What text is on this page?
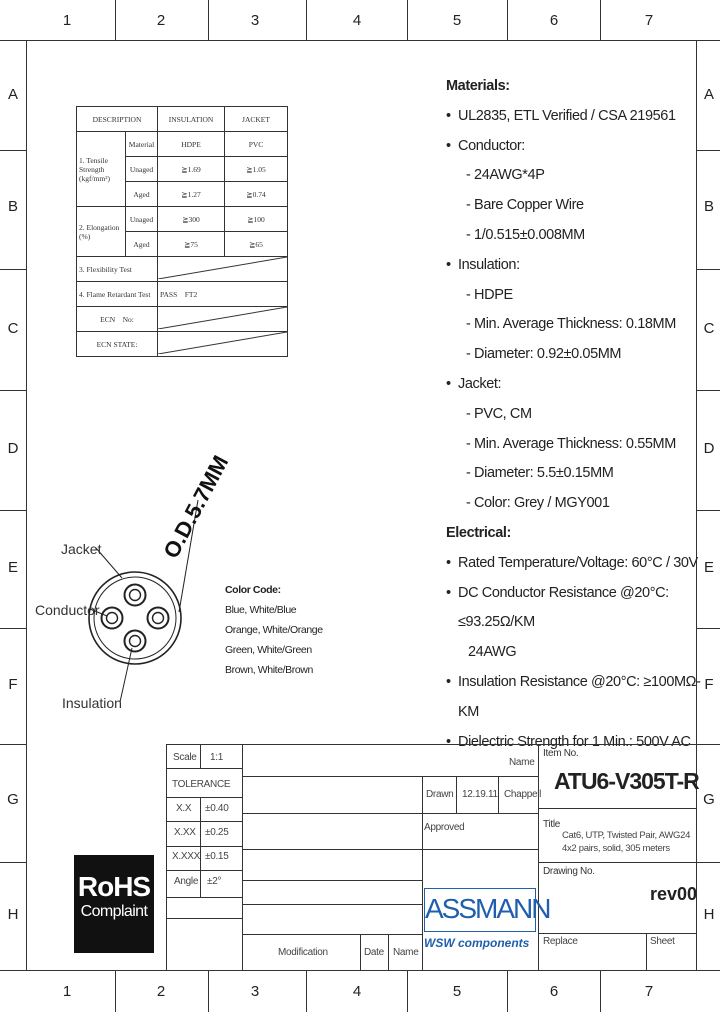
1	2	3	4	5	6	7
1	2	3	4	5	6	7
A
B
C
D
E
F
G
H
A
B
C
D
E
F
G
H
DESCRIPTION		INSULATION	JACKET
1. Tensile Strength (kgf/mm²)	Material	HDPE	PVC
	Unaged	≧1.69	≧1.05
	Aged	≧1.27	≧0.74
2. Elongation (%)	Unaged	≧300	≧100
	Aged	≧75	≧65
3. Flexibility Test	
4. Flame Retardant Test		PASS    FT2	
ECN    No:	
ECN STATE:	
Materials:
• UL2835, ETL Verified / CSA 219561
• Conductor:
- 24AWG*4P
- Bare Copper Wire
- 1/0.515±0.008MM
• Insulation:
- HDPE
- Min. Average Thickness: 0.18MM
- Diameter: 0.92±0.05MM
• Jacket:
- PVC, CM
- Min. Average Thickness: 0.55MM
- Diameter: 5.5±0.15MM
- Color: Grey / MGY001
Electrical:
• Rated Temperature/Voltage: 60°C / 30V
• DC Conductor Resistance @20°C: ≤93.25Ω/KM
24AWG
• Insulation Resistance @20°C: ≥100MΩ-KM
• Dielectric Strength for 1 Min.: 500V AC
O.D.5.7MM
Jacket
Conductor
Insulation
Color Code:
Blue, White/Blue
Orange, White/Orange
Green, White/Green
Brown, White/Brown
RoHS
Complaint
Scale 1:1
TOLERANCE
X.X ±0.40
X.XX ±0.25
X.XXX ±0.15
Angle ±2°
Name
Drawn 12.19.11 Chappell
Approved
Item No.
ATU6-V305T-R
Title
Cat6, UTP, Twisted Pair, AWG24
4x2 pairs, solid, 305 meters
Drawing No.
rev00
Replace	Sheet
ASSMANN
WSW components
Modification	Date Name
